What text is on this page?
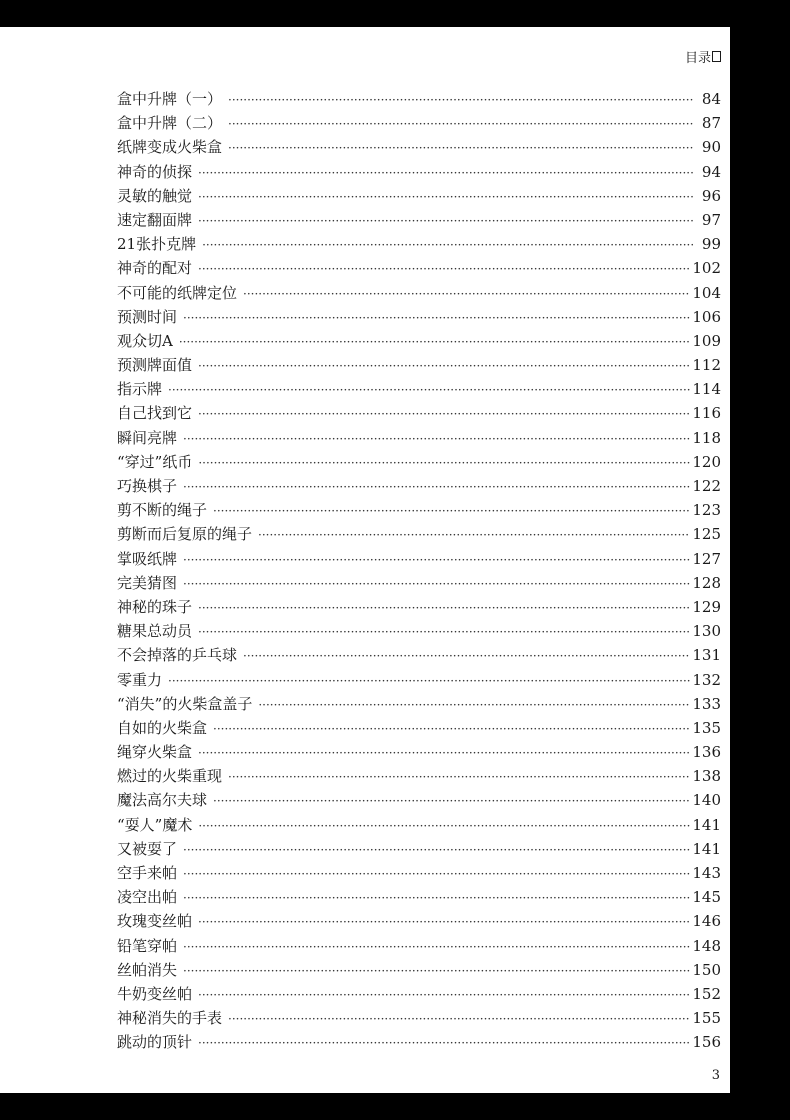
目录
盒中升牌（一） ·····	84
盒中升牌（二） ·····	87
纸牌变成火柴盒 ·····	90
神奇的侦探 ·····	94
灵敏的触觉 ·····	96
速定翻面牌 ·····	97
21张扑克牌 ·····	99
神奇的配对 ·····	102
不可能的纸牌定位 ·····	104
预测时间 ·····	106
观众切A ·····	109
预测牌面值 ·····	112
指示牌 ·····	114
自己找到它 ·····	116
瞬间亮牌 ·····	118
“穿过”纸币 ·····	120
巧换棋子 ·····	122
剪不断的绳子 ·····	123
剪断而后复原的绳子 ·····	125
掌吸纸牌 ·····	127
完美猜图 ·····	128
神秘的珠子 ·····	129
糖果总动员 ·····	130
不会掉落的乒乓球 ·····	131
零重力 ·····	132
“消失”的火柴盒盖子 ·····	133
自如的火柴盒 ·····	135
绳穿火柴盒 ·····	136
燃过的火柴重现 ·····	138
魔法高尔夫球 ·····	140
“耍人”魔术 ·····	141
又被耍了 ·····	141
空手来帕 ·····	143
凌空出帕 ·····	145
玫瑰变丝帕 ·····	146
铅笔穿帕 ·····	148
丝帕消失 ·····	150
牛奶变丝帕 ·····	152
神秘消失的手表 ·····	155
跳动的顶针 ·····	156
3
